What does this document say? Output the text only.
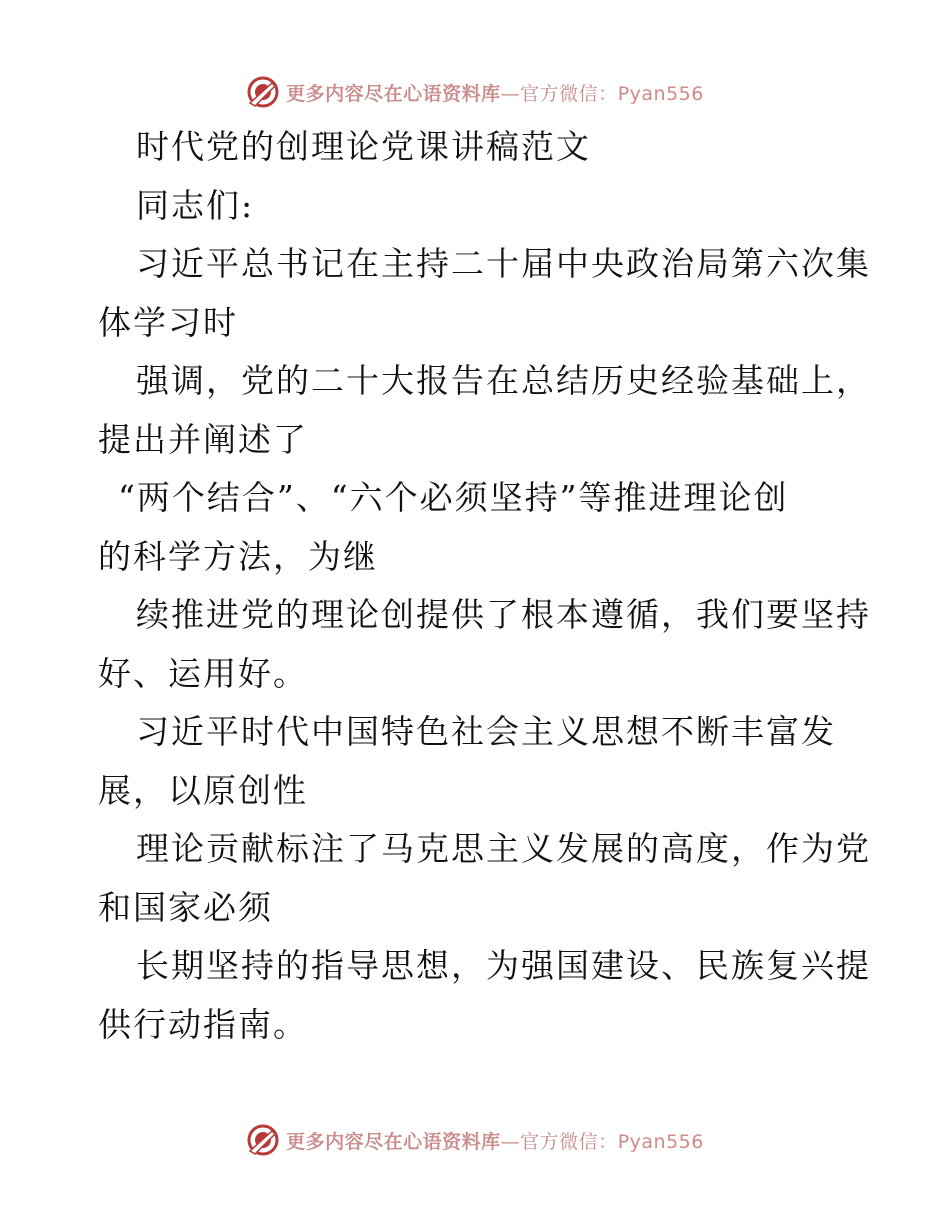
更多内容尽在心语资料库—官方微信：Pyan556
时代党的创理论党课讲稿范文
同志们:
习近平总书记在主持二十届中央政治局第六次集
体学习时
强调，党的二十大报告在总结历史经验基础上，
提出并阐述了
“两个结合”、“六个必须坚持”等推进理论创
的科学方法，为继
续推进党的理论创提供了根本遵循，我们要坚持
好、运用好。
习近平时代中国特色社会主义思想不断丰富发
展，以原创性
理论贡献标注了马克思主义发展的高度，作为党
和国家必须
长期坚持的指导思想，为强国建设、民族复兴提
供行动指南。
更多内容尽在心语资料库—官方微信：Pyan556
